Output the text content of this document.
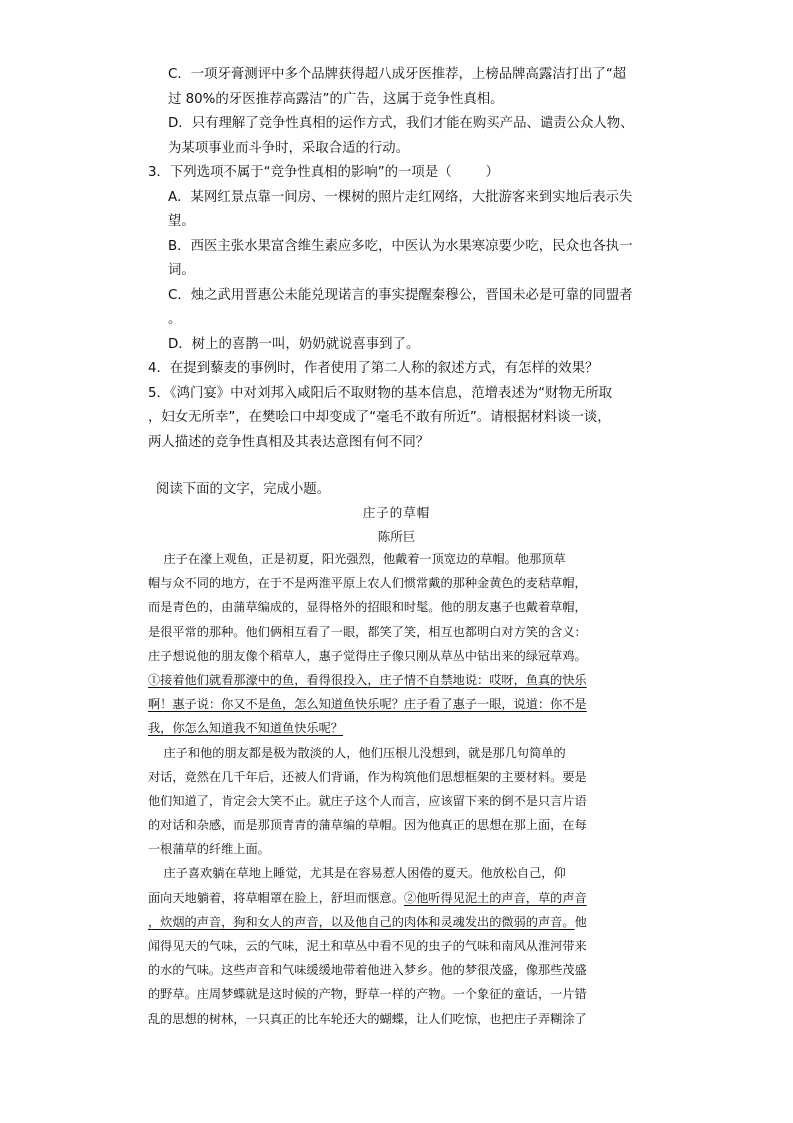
C．一项牙膏测评中多个品牌获得超八成牙医推荐，上榜品牌高露洁打出了“超
过 80%的牙医推荐高露洁”的广告，这属于竞争性真相。
D．只有理解了竞争性真相的运作方式，我们才能在购买产品、谴责公众人物、
为某项事业而斗争时，采取合适的行动。
3．下列选项不属于“竞争性真相的影响”的一项是（        ）
A．某网红景点靠一间房、一棵树的照片走红网络，大批游客来到实地后表示失
望。
B．西医主张水果富含维生素应多吃，中医认为水果寒凉要少吃，民众也各执一
词。
C．烛之武用晋惠公未能兑现诺言的事实提醒秦穆公，晋国未必是可靠的同盟者
。
D．树上的喜鹊一叫，奶奶就说喜事到了。
4．在提到藜麦的事例时，作者使用了第二人称的叙述方式，有怎样的效果？
5．《鸿门宴》中对刘邦入咸阳后不取财物的基本信息，范增表述为“财物无所取
，妇女无所幸”，在樊哙口中却变成了“毫毛不敢有所近”。请根据材料谈一谈，
两人描述的竞争性真相及其表达意图有何不同？
阅读下面的文字，完成小题。
庄子的草帽
陈所巨
庄子在濠上观鱼，正是初夏，阳光强烈，他戴着一顶宽边的草帽。他那顶草
帽与众不同的地方，在于不是两淮平原上农人们惯常戴的那种金黄色的麦秸草帽，
而是青色的，由蒲草编成的，显得格外的招眼和时髦。他的朋友惠子也戴着草帽，
是很平常的那种。他们俩相互看了一眼，都笑了笑，相互也都明白对方笑的含义：
庄子想说他的朋友像个稻草人，惠子觉得庄子像只刚从草丛中钻出来的绿冠草鸡。
①接着他们就看那濠中的鱼，看得很投入，庄子情不自禁地说：哎呀，鱼真的快乐
啊！惠子说：你又不是鱼，怎么知道鱼快乐呢？庄子看了惠子一眼，说道：你不是
我，你怎么知道我不知道鱼快乐呢？
庄子和他的朋友都是极为散淡的人，他们压根儿没想到，就是那几句简单的
对话，竟然在几千年后，还被人们背诵，作为构筑他们思想框架的主要材料。要是
他们知道了，肯定会大笑不止。就庄子这个人而言，应该留下来的倒不是只言片语
的对话和杂感，而是那顶青青的蒲草编的草帽。因为他真正的思想在那上面，在每
一根蒲草的纤维上面。
庄子喜欢躺在草地上睡觉，尤其是在容易惹人困倦的夏天。他放松自己，仰
面向天地躺着，将草帽罩在脸上，舒坦而惬意。②他听得见泥土的声音，草的声音
，炊烟的声音，狗和女人的声音，以及他自己的肉体和灵魂发出的微弱的声音。他
闻得见天的气味，云的气味，泥土和草丛中看不见的虫子的气味和南风从淮河带来
的水的气味。这些声音和气味缓缓地带着他进入梦乡。他的梦很茂盛，像那些茂盛
的野草。庄周梦蝶就是这时候的产物，野草一样的产物。一个象征的童话，一片错
乱的思想的树林，一只真正的比车轮还大的蝴蝶，让人们吃惊，也把庄子弄糊涂了
